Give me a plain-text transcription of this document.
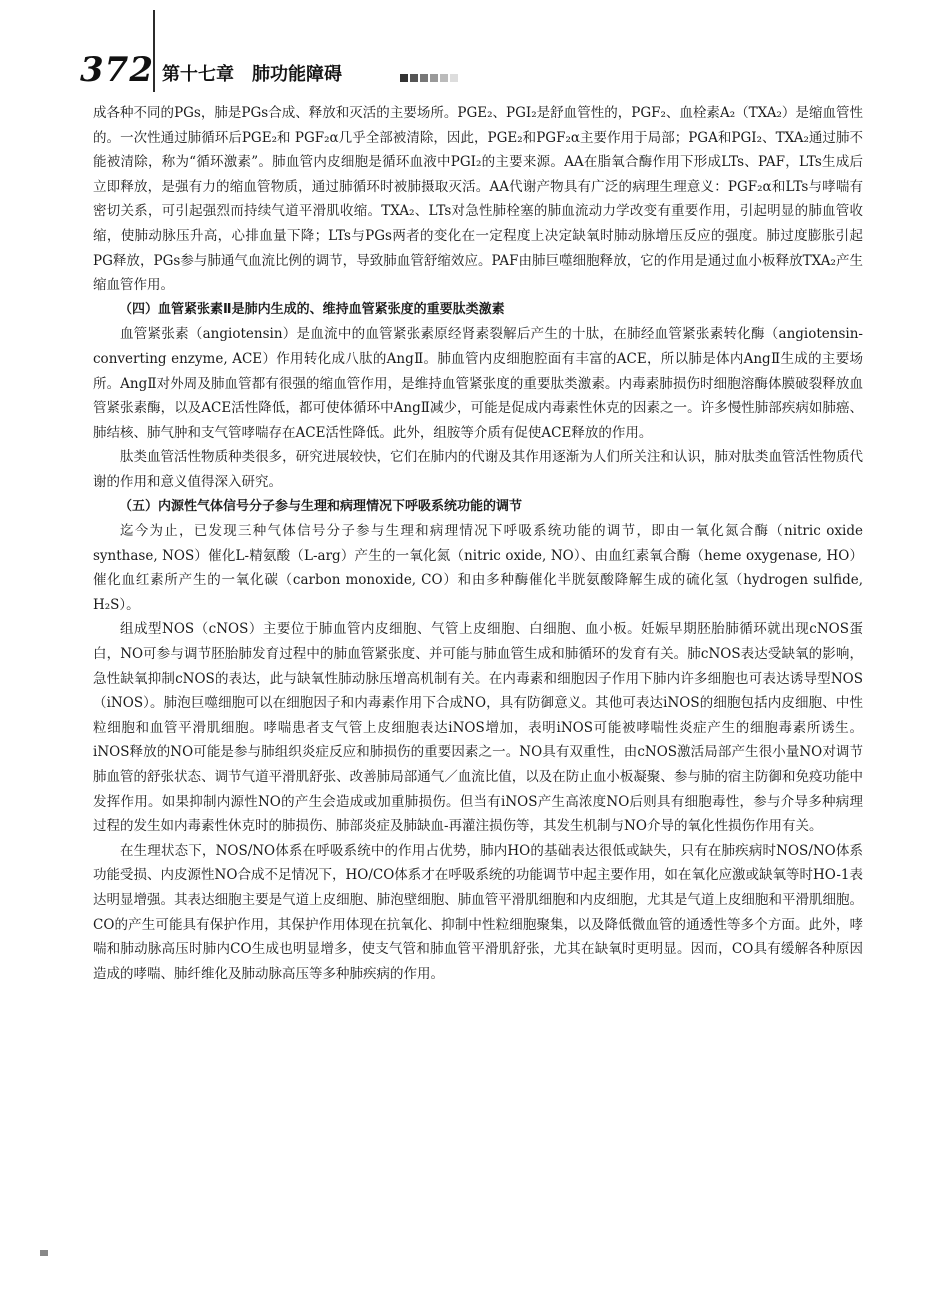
372 第十七章　肺功能障碍

成各种不同的PGs，肺是PGs合成、释放和灭活的主要场所。PGE₂、PGI₂是舒血管性的，PGF₂、血栓素A₂（TXA₂）是缩血管性的。一次性通过肺循环后PGE₂和 PGF₂α几乎全部被清除，因此，PGE₂和PGF₂α主要作用于局部；PGA和PGI₂、TXA₂通过肺不能被清除，称为“循环激素”。肺血管内皮细胞是循环血液中PGI₂的主要来源。AA在脂氧合酶作用下形成LTs、PAF，LTs生成后立即释放，是强有力的缩血管物质，通过肺循环时被肺摄取灭活。AA代谢产物具有广泛的病理生理意义：PGF₂α和LTs与哮喘有密切关系，可引起强烈而持续气道平滑肌收缩。TXA₂、LTs对急性肺栓塞的肺血流动力学改变有重要作用，引起明显的肺血管收缩，使肺动脉压升高，心排血量下降；LTs与PGs两者的变化在一定程度上决定缺氧时肺动脉增压反应的强度。肺过度膨胀引起PG释放，PGs参与肺通气血流比例的调节，导致肺血管舒缩效应。PAF由肺巨噬细胞释放，它的作用是通过血小板释放TXA₂产生缩血管作用。

（四）血管紧张素Ⅱ是肺内生成的、维持血管紧张度的重要肽类激素

血管紧张素（angiotensin）是血流中的血管紧张素原经肾素裂解后产生的十肽，在肺经血管紧张素转化酶（angiotensin-converting enzyme, ACE）作用转化成八肽的AngⅡ。肺血管内皮细胞腔面有丰富的ACE，所以肺是体内AngⅡ生成的主要场所。AngⅡ对外周及肺血管都有很强的缩血管作用，是维持血管紧张度的重要肽类激素。内毒素肺损伤时细胞溶酶体膜破裂释放血管紧张素酶，以及ACE活性降低，都可使体循环中AngⅡ减少，可能是促成内毒素性休克的因素之一。许多慢性肺部疾病如肺癌、肺结核、肺气肿和支气管哮喘存在ACE活性降低。此外，组胺等介质有促使ACE释放的作用。

肽类血管活性物质种类很多，研究进展较快，它们在肺内的代谢及其作用逐渐为人们所关注和认识，肺对肽类血管活性物质代谢的作用和意义值得深入研究。

（五）内源性气体信号分子参与生理和病理情况下呼吸系统功能的调节

迄今为止，已发现三种气体信号分子参与生理和病理情况下呼吸系统功能的调节，即由一氧化氮合酶（nitric oxide synthase, NOS）催化L-精氨酸（L-arg）产生的一氧化氮（nitric oxide, NO）、由血红素氧合酶（heme oxygenase, HO）催化血红素所产生的一氧化碳（carbon monoxide, CO）和由多种酶催化半胱氨酸降解生成的硫化氢（hydrogen sulfide, H₂S）。

组成型NOS（cNOS）主要位于肺血管内皮细胞、气管上皮细胞、白细胞、血小板。妊娠早期胚胎肺循环就出现cNOS蛋白，NO可参与调节胚胎肺发育过程中的肺血管紧张度、并可能与肺血管生成和肺循环的发育有关。肺cNOS表达受缺氧的影响，急性缺氧抑制cNOS的表达，此与缺氧性肺动脉压增高机制有关。在内毒素和细胞因子作用下肺内许多细胞也可表达诱导型NOS（iNOS）。肺泡巨噬细胞可以在细胞因子和内毒素作用下合成NO，具有防御意义。其他可表达iNOS的细胞包括内皮细胞、中性粒细胞和血管平滑肌细胞。哮喘患者支气管上皮细胞表达iNOS增加，表明iNOS可能被哮喘性炎症产生的细胞毒素所诱生。iNOS释放的NO可能是参与肺组织炎症反应和肺损伤的重要因素之一。NO具有双重性，由cNOS激活局部产生很小量NO对调节肺血管的舒张状态、调节气道平滑肌舒张、改善肺局部通气／血流比值，以及在防止血小板凝聚、参与肺的宿主防御和免疫功能中发挥作用。如果抑制内源性NO的产生会造成或加重肺损伤。但当有iNOS产生高浓度NO后则具有细胞毒性，参与介导多种病理过程的发生如内毒素性休克时的肺损伤、肺部炎症及肺缺血-再灌注损伤等，其发生机制与NO介导的氧化性损伤作用有关。

在生理状态下，NOS/NO体系在呼吸系统中的作用占优势，肺内HO的基础表达很低或缺失，只有在肺疾病时NOS/NO体系功能受损、内皮源性NO合成不足情况下，HO/CO体系才在呼吸系统的功能调节中起主要作用，如在氧化应激或缺氧等时HO-1表达明显增强。其表达细胞主要是气道上皮细胞、肺泡壁细胞、肺血管平滑肌细胞和内皮细胞，尤其是气道上皮细胞和平滑肌细胞。CO的产生可能具有保护作用，其保护作用体现在抗氧化、抑制中性粒细胞聚集，以及降低微血管的通透性等多个方面。此外，哮喘和肺动脉高压时肺内CO生成也明显增多，使支气管和肺血管平滑肌舒张，尤其在缺氧时更明显。因而，CO具有缓解各种原因造成的哮喘、肺纤维化及肺动脉高压等多种肺疾病的作用。
